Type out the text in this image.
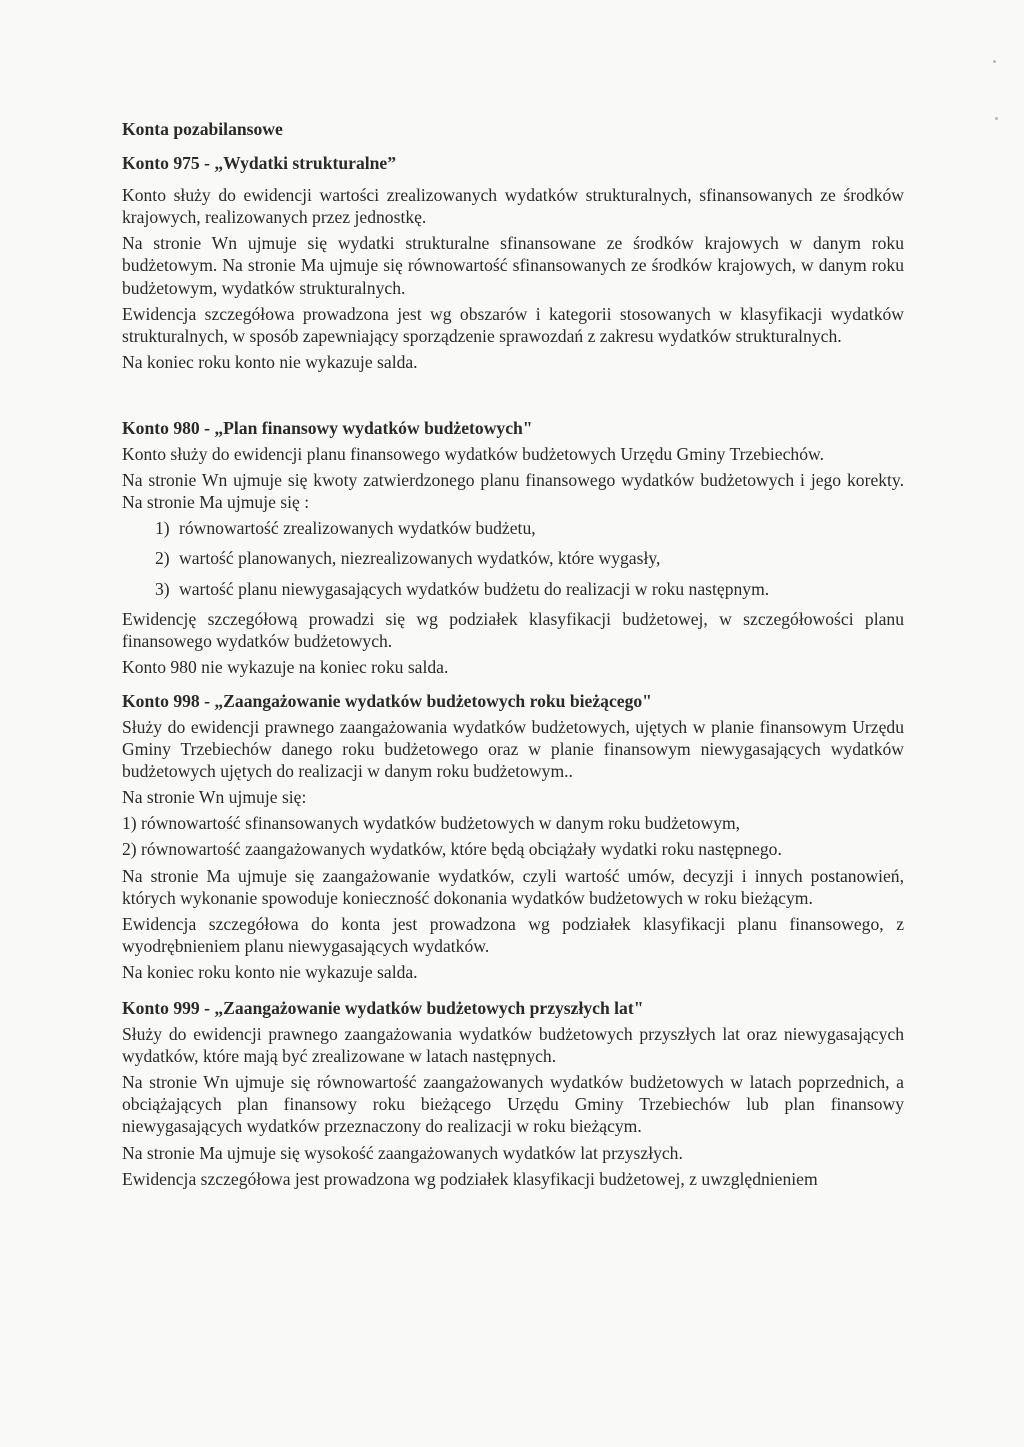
Konta pozabilansowe
Konto 975 - „Wydatki strukturalne”

Konto służy do ewidencji wartości zrealizowanych wydatków strukturalnych, sfinansowanych ze środków krajowych, realizowanych przez jednostkę.

Na stronie Wn ujmuje się wydatki strukturalne sfinansowane ze środków krajowych w danym roku budżetowym. Na stronie Ma ujmuje się równowartość sfinansowanych ze środków krajowych, w danym roku budżetowym, wydatków strukturalnych.

Ewidencja szczegółowa prowadzona jest wg obszarów i kategorii stosowanych w klasyfikacji wydatków strukturalnych, w sposób zapewniający sporządzenie sprawozdań z zakresu wydatków strukturalnych.

Na koniec roku konto nie wykazuje salda.

Konto 980 - „Plan finansowy wydatków budżetowych"

Konto służy do ewidencji planu finansowego wydatków budżetowych Urzędu Gminy Trzebiechów.

Na stronie Wn ujmuje się kwoty zatwierdzonego planu finansowego wydatków budżetowych i jego korekty. Na stronie Ma ujmuje się :

1) równowartość zrealizowanych wydatków budżetu,
2) wartość planowanych, niezrealizowanych wydatków, które wygasły,
3) wartość planu niewygasających wydatków budżetu do realizacji w roku następnym.

Ewidencję szczegółową prowadzi się wg podziałek klasyfikacji budżetowej, w szczegółowości planu finansowego wydatków budżetowych.

Konto 980 nie wykazuje na koniec roku salda.

Konto 998 - „Zaangażowanie wydatków budżetowych roku bieżącego"

Służy do ewidencji prawnego zaangażowania wydatków budżetowych, ujętych w planie finansowym Urzędu Gminy Trzebiechów danego roku budżetowego oraz w planie finansowym niewygasających wydatków budżetowych ujętych do realizacji w danym roku budżetowym..

Na stronie Wn ujmuje się:

1) równowartość sfinansowanych wydatków budżetowych w danym roku budżetowym,
2) równowartość zaangażowanych wydatków, które będą obciążały wydatki roku następnego.

Na stronie Ma ujmuje się zaangażowanie wydatków, czyli wartość umów, decyzji i innych postanowień, których wykonanie spowoduje konieczność dokonania wydatków budżetowych w roku bieżącym.

Ewidencja szczegółowa do konta jest prowadzona wg podziałek klasyfikacji planu finansowego, z wyodrębnieniem planu niewygasających wydatków.

Na koniec roku konto nie wykazuje salda.

Konto 999 - „Zaangażowanie wydatków budżetowych przyszłych lat"

Służy do ewidencji prawnego zaangażowania wydatków budżetowych przyszłych lat oraz niewygasających wydatków, które mają być zrealizowane w latach następnych.

Na stronie Wn ujmuje się równowartość zaangażowanych wydatków budżetowych w latach poprzednich, a obciążających plan finansowy roku bieżącego Urzędu Gminy Trzebiechów lub plan finansowy niewygasających wydatków przeznaczony do realizacji w roku bieżącym.

Na stronie Ma ujmuje się wysokość zaangażowanych wydatków lat przyszłych.

Ewidencja szczegółowa jest prowadzona wg podziałek klasyfikacji budżetowej, z uwzględnieniem
